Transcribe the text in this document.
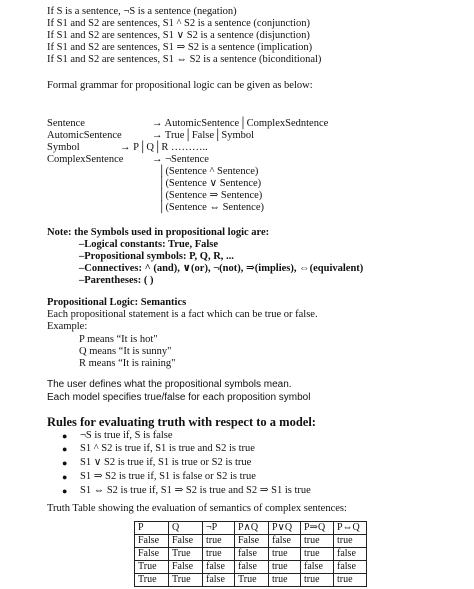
If S is a sentence, ¬S is a sentence (negation)
If S1 and S2 are sentences, S1 ^ S2 is a sentence (conjunction)
If S1 and S2 are sentences, S1 ∨ S2 is a sentence (disjunction)
If S1 and S2 are sentences, S1 ⇒ S2 is a sentence (implication)
If S1 and S2 are sentences, S1 ⇔ S2 is a sentence (biconditional)
Formal grammar for propositional logic can be given as below:
Sentence	→ AutomicSentence│ComplexSedntence
AutomicSentence	→ True│False│Symbol
Symbol	→ P│Q│R ………..
ComplexSentence	→ ¬Sentence
│(Sentence ^ Sentence)
│(Sentence ∨ Sentence)
│(Sentence ⇒ Sentence)
│(Sentence ⇔ Sentence)
Note: the Symbols used in propositional logic are:
–Logical constants: True, False
–Propositional symbols: P, Q, R, ...
–Connectives: ^ (and), ∨(or), ¬(not), ⇒(implies), ⇔(equivalent)
–Parentheses: ( )
Propositional Logic: Semantics
Each propositional statement is a fact which can be true or false.
Example:
P means “It is hot"
Q means “It is sunny"
R means “It is raining"
The user defines what the propositional symbols mean.
Each model specifies true/false for each proposition symbol
Rules for evaluating truth with respect to a model:
● ¬S is true if, S is false
● S1 ^ S2 is true if, S1 is true and S2 is true
● S1 ∨ S2 is true if, S1 is true or S2 is true
● S1 ⇒ S2 is true if, S1 is false or S2 is true
● S1 ⇔ S2 is true if, S1 ⇒ S2 is true and S2 ⇒ S1 is true
Truth Table showing the evaluation of semantics of complex sentences:
P	Q	¬P	P∧Q	P∨Q	P⇒Q	P⇔Q
False	False	true	False	false	true	true
False	True	true	false	true	true	false
True	False	false	false	true	false	false
True	True	false	True	true	true	true
